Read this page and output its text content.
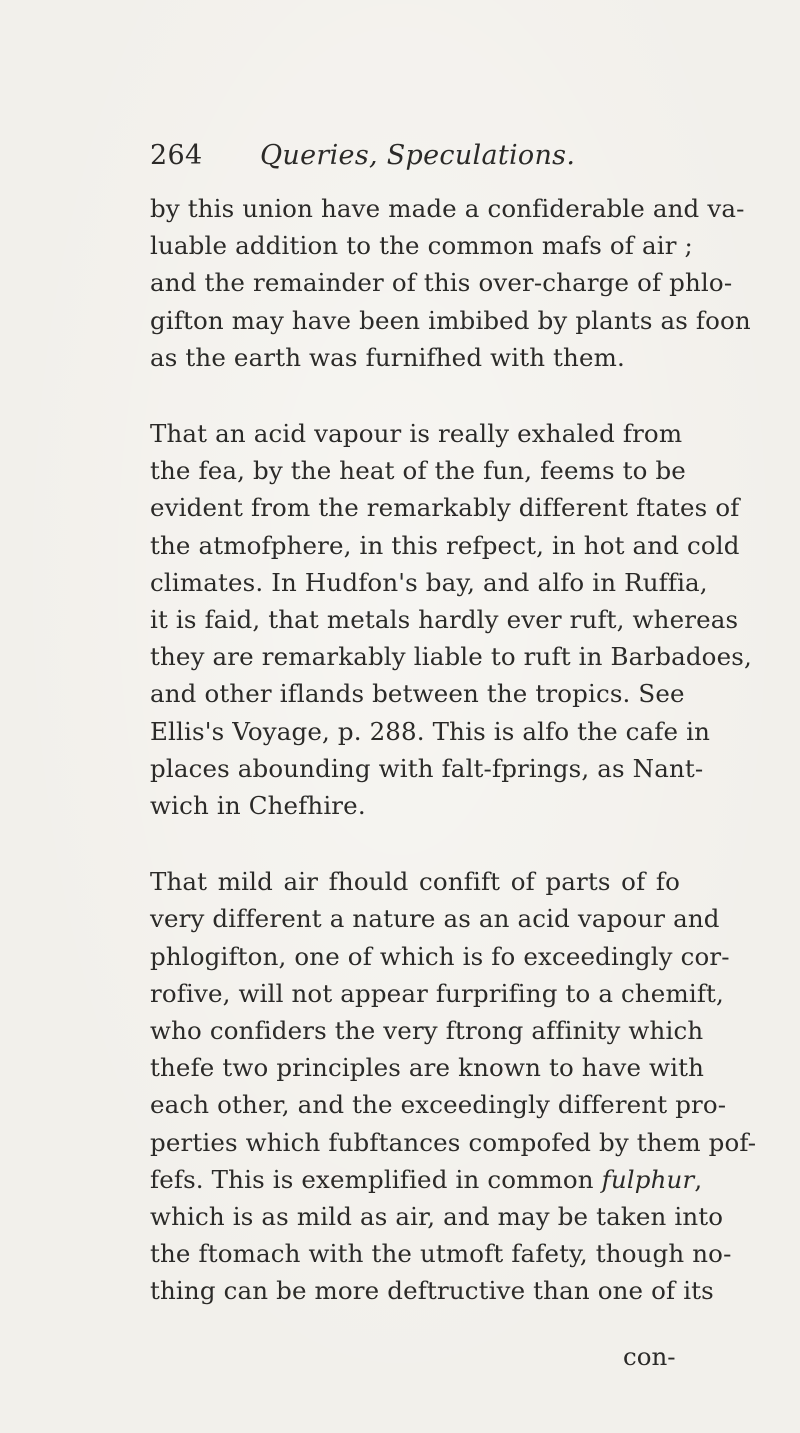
264 Queries, Speculations.
by this union have made a confiderable and va-
luable addition to the common mafs of air ;
and the remainder of this over-charge of phlo-
gifton may have been imbibed by plants as foon
as the earth was furnifhed with them.
That an acid vapour is really exhaled from
the fea, by the heat of the fun, feems to be
evident from the remarkably different ftates of
the atmofphere, in this refpect, in hot and cold
climates. In Hudfon's bay, and alfo in Ruffia,
it is faid, that metals hardly ever ruft, whereas
they are remarkably liable to ruft in Barbadoes,
and other iflands between the tropics. See
Ellis's Voyage, p. 288. This is alfo the cafe in
places abounding with falt-fprings, as Nant-
wich in Chefhire.
That mild air fhould confift of parts of fo
very different a nature as an acid vapour and
phlogifton, one of which is fo exceedingly cor-
rofive, will not appear furprifing to a chemift,
who confiders the very ftrong affinity which
thefe two principles are known to have with
each other, and the exceedingly different pro-
perties which fubftances compofed by them pof-
fefs. This is exemplified in common fulphur,
which is as mild as air, and may be taken into
the ftomach with the utmoft fafety, though no-
thing can be more deftructive than one of its
con-
